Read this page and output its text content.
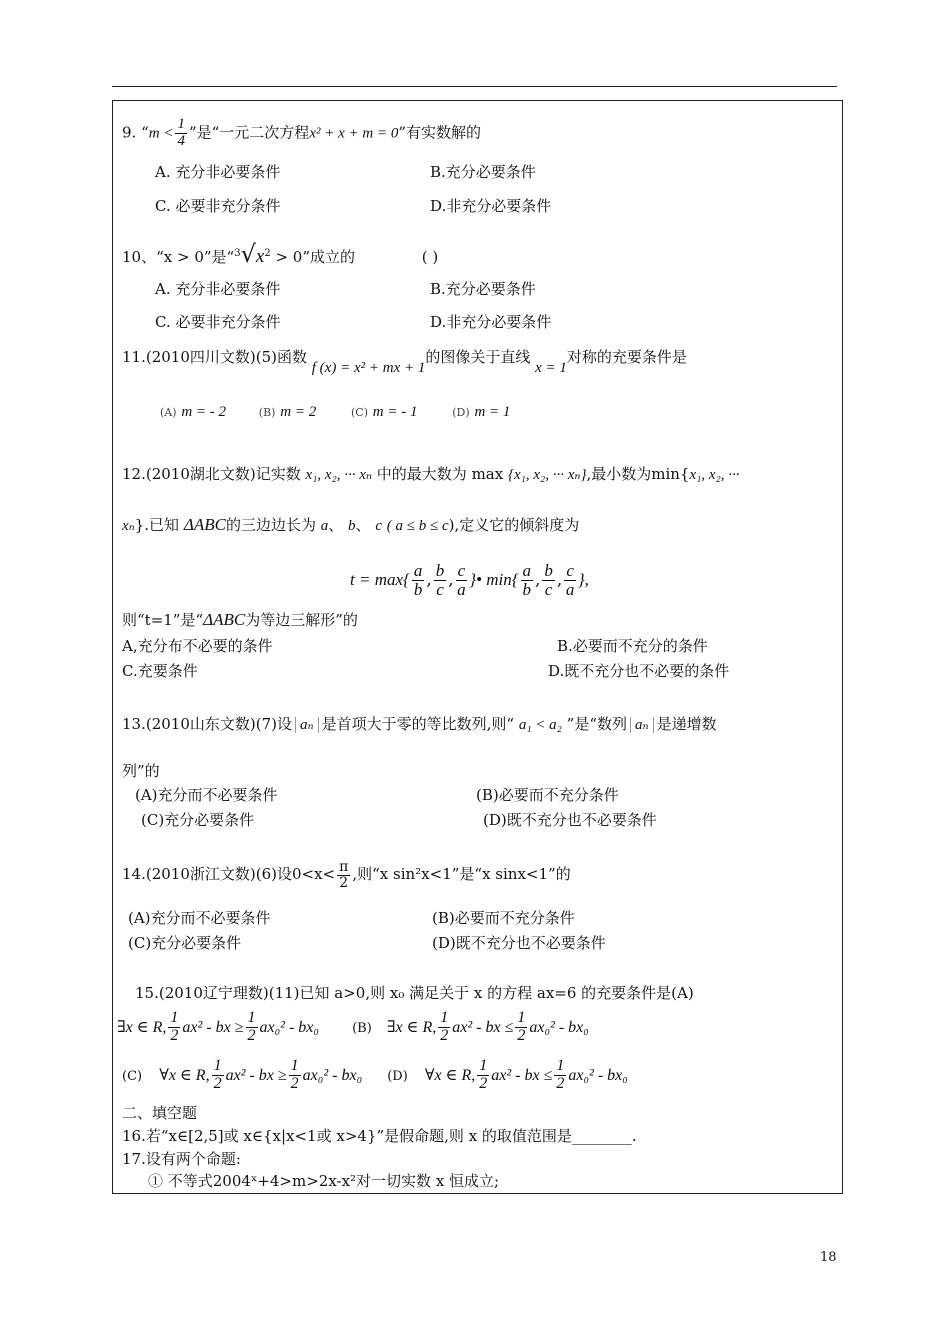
9. “$m < \frac{1}{4}$ ”是“一元二次方程x² + x + m = 0”有实数解的
A. 充分非必要条件	B.充分必要条件
C. 必要非充分条件	D.非充分必要条件
10、“x > 0”是“$^3√x^2 > 0$”成立的	( )
A. 充分非必要条件	B.充分必要条件
C. 必要非充分条件	D.非充分必要条件
11.(2010四川文数)(5)函数 f (x) = x² + mx + 1的图像关于直线 x = 1对称的充要条件是
(A) m = - 2	(B) m = 2	(C) m = - 1	(D) m = 1
12.(2010湖北文数)记实数 x₁, x₂, ··· xₙ 中的最大数为 max {x₁, x₂, ··· xₙ},最小数为min{x₁, x₂, ···
xₙ}.已知 ΔABC的三边边长为 a、 b、 c ( a ≤ b ≤ c),定义它的倾斜度为
$t = \max\{ \frac{a}{b}$ , $\frac{b}{c}$ , $\frac{c}{a}$ }• $\min\{ \frac{a}{b}$ , $\frac{b}{c}$ , $\frac{c}{a}$ },
则“t=1”是“ΔABC为等边三解形”的
A,充分布不必要的条件	B.必要而不充分的条件
C.充要条件	D.既不充分也不必要的条件
13.(2010山东文数)(7)设 aₙ 是首项大于零的等比数列,则“ a₁ < a₂ ”是“数列 aₙ 是递增数
列”的
(A)充分而不必要条件	(B)必要而不充分条件
(C)充分必要条件	(D)既不充分也不必要条件
14.(2010浙江文数)(6)设$0<x< \frac{\pi}{2}$ ,则“x sin²x<1”是“x sinx<1”的
(A)充分而不必要条件	(B)必要而不充分条件
(C)充分必要条件	(D)既不充分也不必要条件
15.(2010辽宁理数)(11)已知 a>0,则 x₀ 满足关于 x 的方程 ax=6 的充要条件是(A)
∃x ∈ R, $\frac{1}{2} ax^2$ - bx ≥ $\frac{1}{2} ax_0^2 - bx_0$	(B) ∃x ∈ R, $\frac{1}{2} ax^2$ - bx ≤ $\frac{1}{2} ax_0^2 - bx_0$
(C) ∀x ∈ R, $\frac{1}{2} ax^2$ - bx ≥ $\frac{1}{2} ax_0^2 - bx_0$ (D) ∀x ∈ R, $\frac{1}{2} ax^2$ - bx ≤ $\frac{1}{2} ax_0^2 - bx_0$
二、填空题
16.若“x∈[2,5]或 x∈{x|x<1或 x>4}”是假命题,则 x 的取值范围是________.
17.设有两个命题:
① 不等式2004ˣ+4>m>2x-x²对一切实数 x 恒成立;
18
